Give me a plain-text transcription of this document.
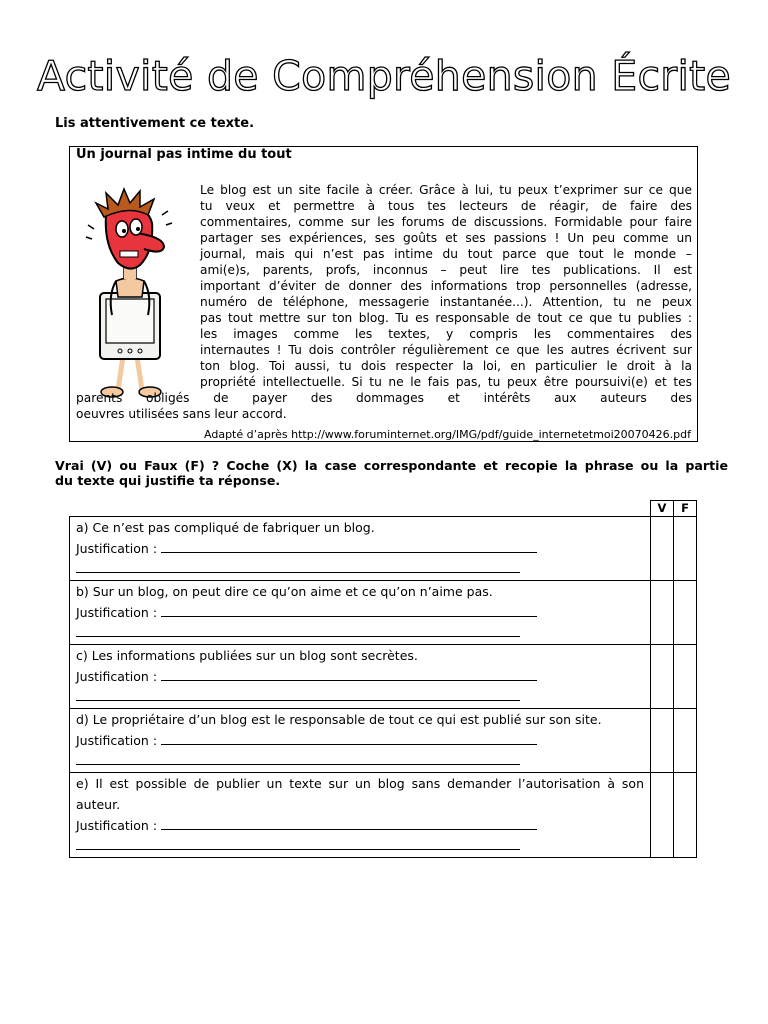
Activité de Compréhension Écrite
Lis attentivement ce texte.
Un journal pas intime du tout
Le blog est un site facile à créer. Grâce à lui, tu peux t’exprimer sur ce que
tu veux et permettre à tous tes lecteurs de réagir, de faire des
commentaires, comme sur les forums de discussions. Formidable pour faire
partager ses expériences, ses goûts et ses passions ! Un peu comme un
journal, mais qui n’est pas intime du tout parce que tout le monde –
ami(e)s, parents, profs, inconnus – peut lire tes publications. Il est
important d’éviter de donner des informations trop personnelles (adresse,
numéro de téléphone, messagerie instantanée...). Attention, tu ne peux
pas tout mettre sur ton blog. Tu es responsable de tout ce que tu publies :
les images comme les textes, y compris les commentaires des
internautes ! Tu dois contrôler régulièrement ce que les autres écrivent sur
ton blog. Toi aussi, tu dois respecter la loi, en particulier le droit à la
propriété intellectuelle. Si tu ne le fais pas, tu peux être poursuivi(e) et tes
parents obligés de payer des dommages et intérêts aux auteurs des
oeuvres utilisées sans leur accord.
Adapté d’après http://www.foruminternet.org/IMG/pdf/guide_internetetmoi20070426.pdf
Vrai (V) ou Faux (F) ? Coche (X) la case correspondante et recopie la phrase ou la partie
du texte qui justifie ta réponse.
	V	F

a) Ce n’est pas compliqué de fabriquer un blog.
Justification :		

b) Sur un blog, on peut dire ce qu’on aime et ce qu’on n’aime pas.
Justification :		

c) Les informations publiées sur un blog sont secrètes.
Justification :		

d) Le propriétaire d’un blog est le responsable de tout ce qui est publié sur son site.
Justification :		

e) Il est possible de publier un texte sur un blog sans demander l’autorisation à son
auteur.
Justification :		
